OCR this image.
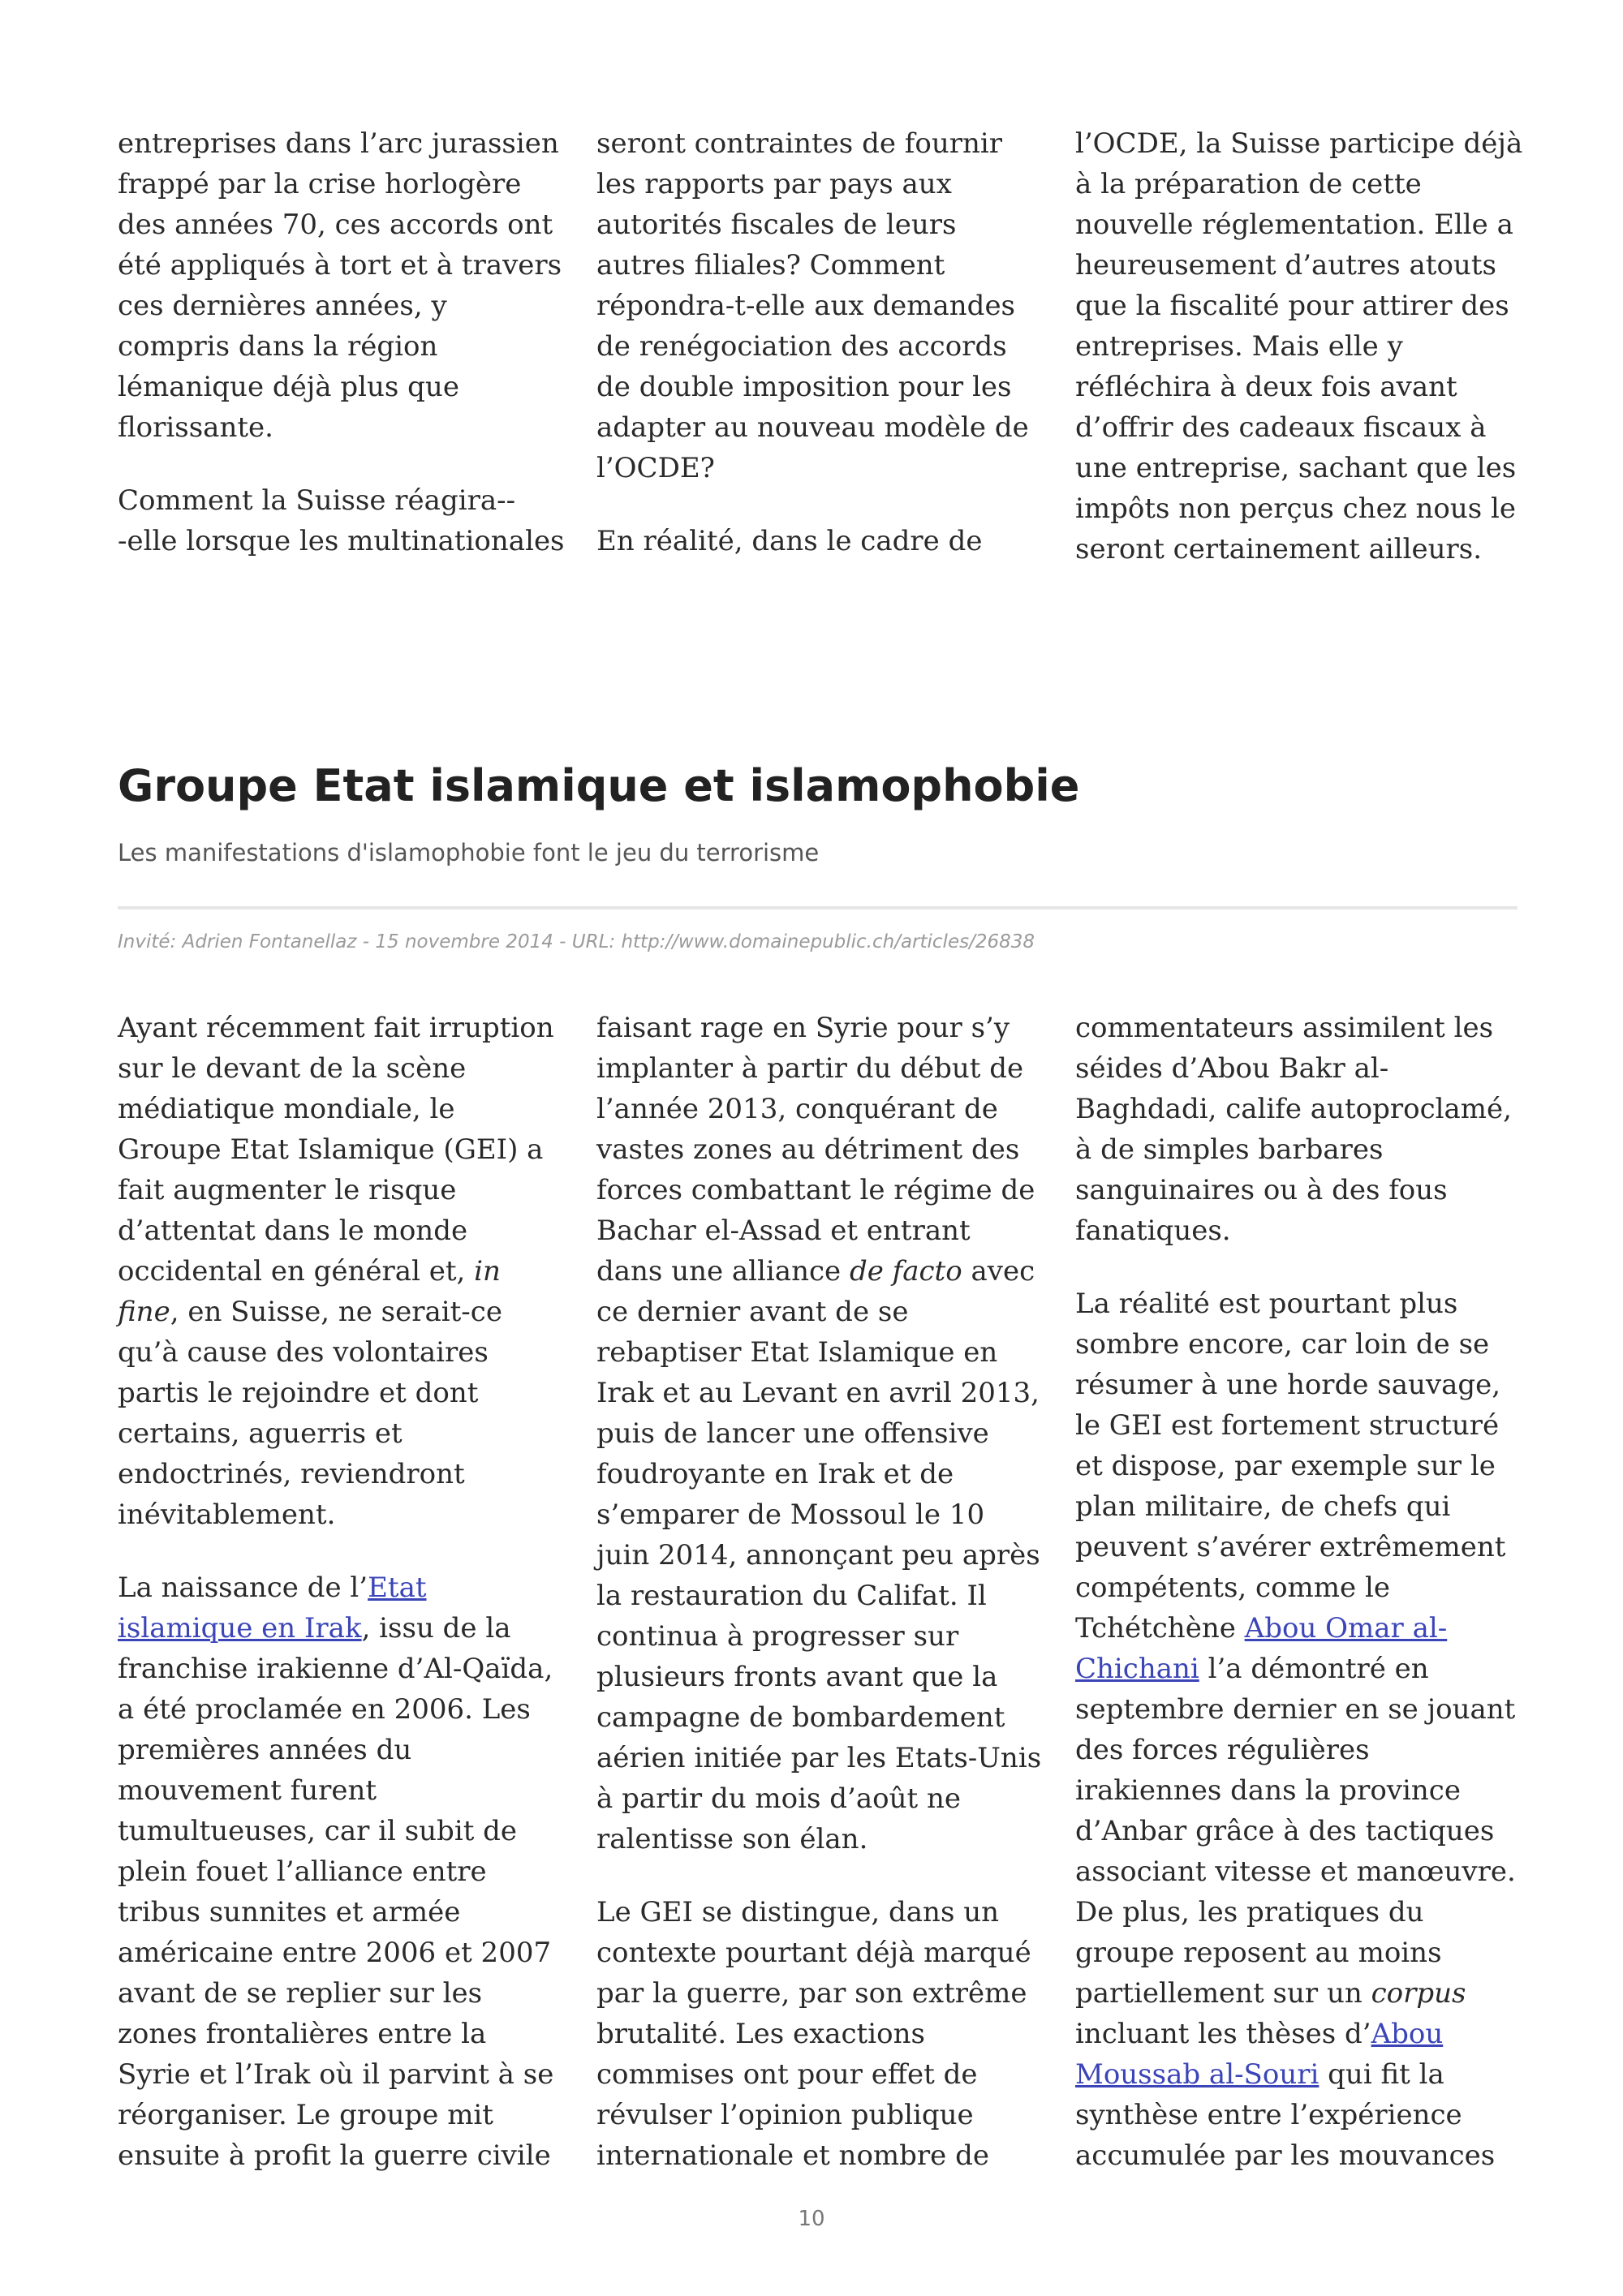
entreprises dans l’arc jurassien
frappé par la crise horlogère
des années 70, ces accords ont
été appliqués à tort et à travers
ces dernières années, y
compris dans la région
lémanique déjà plus que
florissante.

Comment la Suisse réagira--
-elle lorsque les multinationales

seront contraintes de fournir
les rapports par pays aux
autorités fiscales de leurs
autres filiales? Comment
répondra-t-elle aux demandes
de renégociation des accords
de double imposition pour les
adapter au nouveau modèle de
l’OCDE?

En réalité, dans le cadre de

l’OCDE, la Suisse participe déjà
à la préparation de cette
nouvelle réglementation. Elle a
heureusement d’autres atouts
que la fiscalité pour attirer des
entreprises. Mais elle y
réfléchira à deux fois avant
d’offrir des cadeaux fiscaux à
une entreprise, sachant que les
impôts non perçus chez nous le
seront certainement ailleurs.

Groupe Etat islamique et islamophobie

Les manifestations d'islamophobie font le jeu du terrorisme

Invité: Adrien Fontanellaz - 15 novembre 2014 - URL: http://www.domainepublic.ch/articles/26838

Ayant récemment fait irruption
sur le devant de la scène
médiatique mondiale, le
Groupe Etat Islamique (GEI) a
fait augmenter le risque
d’attentat dans le monde
occidental en général et, in
fine, en Suisse, ne serait-ce
qu’à cause des volontaires
partis le rejoindre et dont
certains, aguerris et
endoctrinés, reviendront
inévitablement.

La naissance de l’Etat
islamique en Irak, issu de la
franchise irakienne d’Al-Qaïda,
a été proclamée en 2006. Les
premières années du
mouvement furent
tumultueuses, car il subit de
plein fouet l’alliance entre
tribus sunnites et armée
américaine entre 2006 et 2007
avant de se replier sur les
zones frontalières entre la
Syrie et l’Irak où il parvint à se
réorganiser. Le groupe mit
ensuite à profit la guerre civile

faisant rage en Syrie pour s’y
implanter à partir du début de
l’année 2013, conquérant de
vastes zones au détriment des
forces combattant le régime de
Bachar el-Assad et entrant
dans une alliance de facto avec
ce dernier avant de se
rebaptiser Etat Islamique en
Irak et au Levant en avril 2013,
puis de lancer une offensive
foudroyante en Irak et de
s’emparer de Mossoul le 10
juin 2014, annonçant peu après
la restauration du Califat. Il
continua à progresser sur
plusieurs fronts avant que la
campagne de bombardement
aérien initiée par les Etats-Unis
à partir du mois d’août ne
ralentisse son élan.

Le GEI se distingue, dans un
contexte pourtant déjà marqué
par la guerre, par son extrême
brutalité. Les exactions
commises ont pour effet de
révulser l’opinion publique
internationale et nombre de

commentateurs assimilent les
séides d’Abou Bakr al-
Baghdadi, calife autoproclamé,
à de simples barbares
sanguinaires ou à des fous
fanatiques.

La réalité est pourtant plus
sombre encore, car loin de se
résumer à une horde sauvage,
le GEI est fortement structuré
et dispose, par exemple sur le
plan militaire, de chefs qui
peuvent s’avérer extrêmement
compétents, comme le
Tchétchène Abou Omar al-
Chichani l’a démontré en
septembre dernier en se jouant
des forces régulières
irakiennes dans la province
d’Anbar grâce à des tactiques
associant vitesse et manœuvre.
De plus, les pratiques du
groupe reposent au moins
partiellement sur un corpus
incluant les thèses d’Abou
Moussab al-Souri qui fit la
synthèse entre l’expérience
accumulée par les mouvances

10
